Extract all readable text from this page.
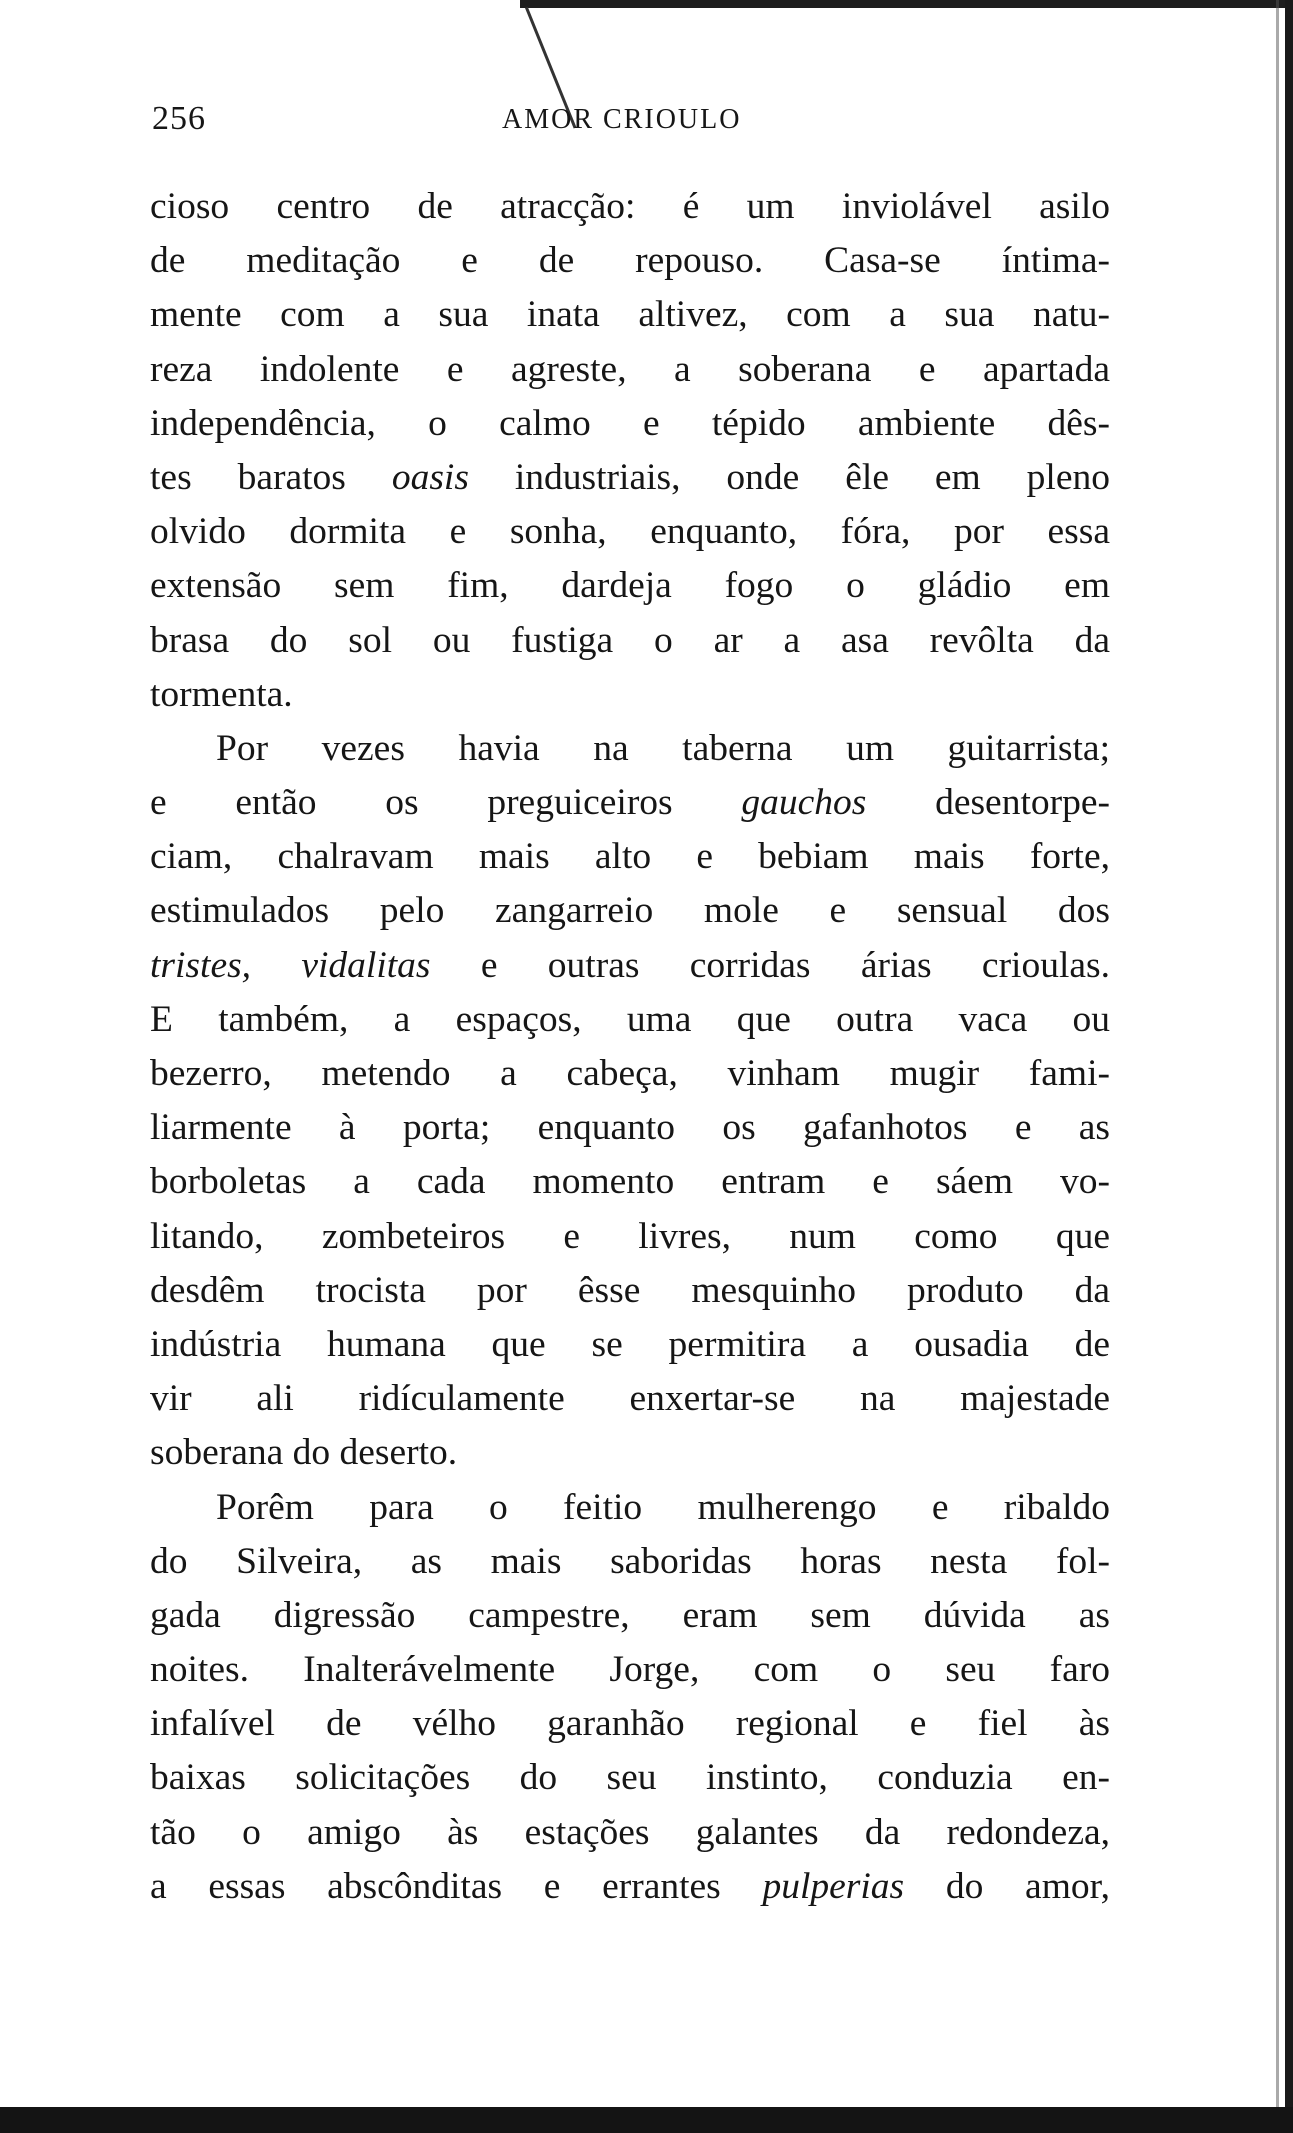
256	AMOR CRIOULO
cioso centro de atracção: é um inviolável asilo
de meditação e de repouso. Casa-se íntima-
mente com a sua inata altivez, com a sua natu-
reza indolente e agreste, a soberana e apartada
independência, o calmo e tépido ambiente dês-
tes baratos oasis industriais, onde êle em pleno
olvido dormita e sonha, enquanto, fóra, por essa
extensão sem fim, dardeja fogo o gládio em
brasa do sol ou fustiga o ar a asa revôlta da
tormenta.
Por vezes havia na taberna um guitarrista;
e então os preguiceiros gauchos desentorpe-
ciam, chalravam mais alto e bebiam mais forte,
estimulados pelo zangarreio mole e sensual dos
tristes, vidalitas e outras corridas árias crioulas.
E também, a espaços, uma que outra vaca ou
bezerro, metendo a cabeça, vinham mugir fami-
liarmente à porta; enquanto os gafanhotos e as
borboletas a cada momento entram e sáem vo-
litando, zombeteiros e livres, num como que
desdêm trocista por êsse mesquinho produto da
indústria humana que se permitira a ousadia de
vir ali ridículamente enxertar-se na majestade
soberana do deserto.
Porêm para o feitio mulherengo e ribaldo
do Silveira, as mais saboridas horas nesta fol-
gada digressão campestre, eram sem dúvida as
noites. Inalterávelmente Jorge, com o seu faro
infalível de vélho garanhão regional e fiel às
baixas solicitações do seu instinto, conduzia en-
tão o amigo às estações galantes da redondeza,
a essas abscônditas e errantes pulperias do amor,
